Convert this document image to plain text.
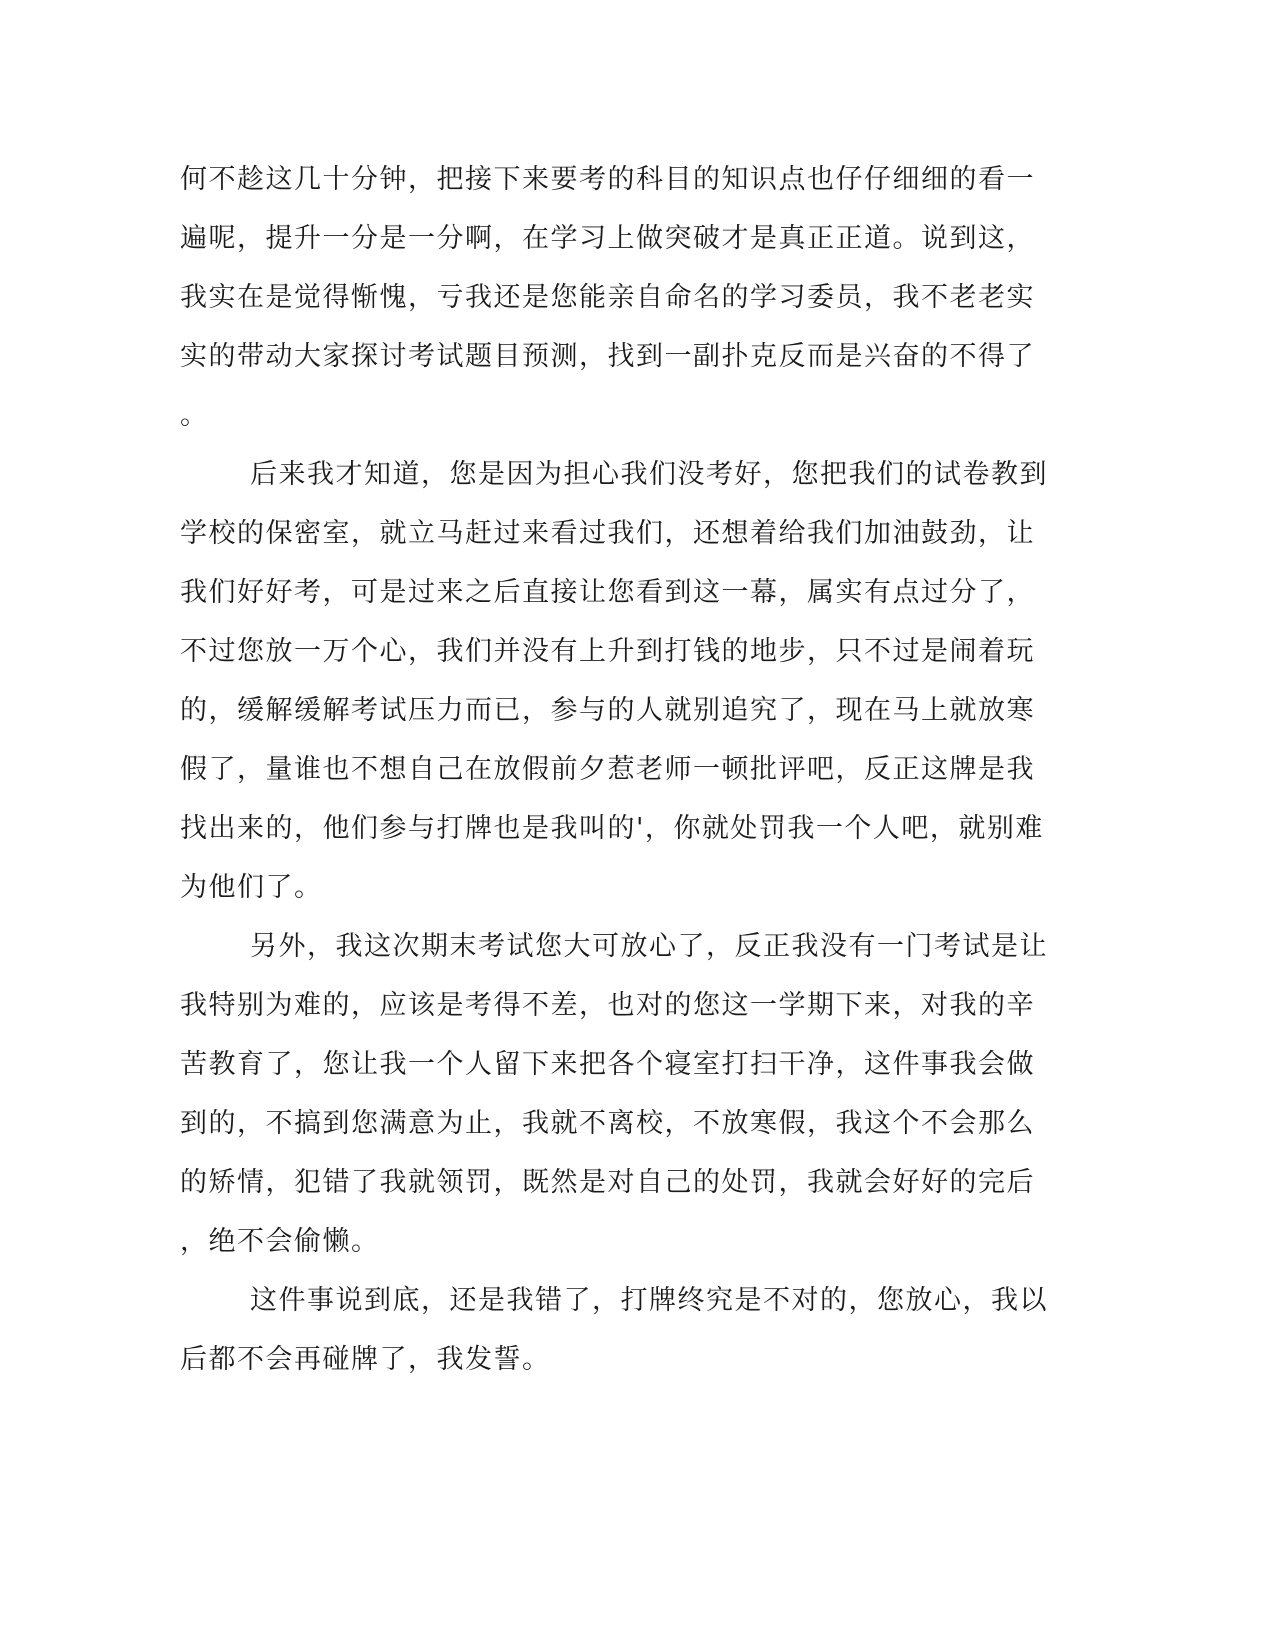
何不趁这几十分钟，把接下来要考的科目的知识点也仔仔细细的看一

遍呢，提升一分是一分啊，在学习上做突破才是真正正道。说到这，

我实在是觉得惭愧，亏我还是您能亲自命名的学习委员，我不老老实

实的带动大家探讨考试题目预测，找到一副扑克反而是兴奋的不得了

。

后来我才知道，您是因为担心我们没考好，您把我们的试卷教到

学校的保密室，就立马赶过来看过我们，还想着给我们加油鼓劲，让

我们好好考，可是过来之后直接让您看到这一幕，属实有点过分了，

不过您放一万个心，我们并没有上升到打钱的地步，只不过是闹着玩

的，缓解缓解考试压力而已，参与的人就别追究了，现在马上就放寒

假了，量谁也不想自己在放假前夕惹老师一顿批评吧，反正这牌是我

找出来的，他们参与打牌也是我叫的'，你就处罚我一个人吧，就别难

为他们了。

另外，我这次期末考试您大可放心了，反正我没有一门考试是让

我特别为难的，应该是考得不差，也对的您这一学期下来，对我的辛

苦教育了，您让我一个人留下来把各个寝室打扫干净，这件事我会做

到的，不搞到您满意为止，我就不离校，不放寒假，我这个不会那么

的矫情，犯错了我就领罚，既然是对自己的处罚，我就会好好的完后

，绝不会偷懒。

这件事说到底，还是我错了，打牌终究是不对的，您放心，我以

后都不会再碰牌了，我发誓。
